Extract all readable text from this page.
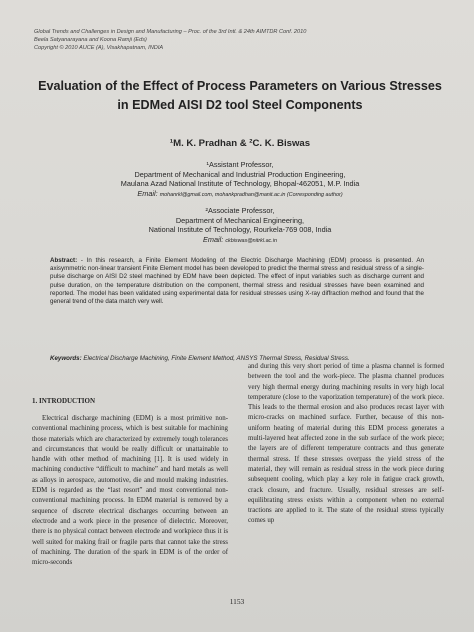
Global Trends and Challenges in Design and Manufacturing – Proc. of the 3rd Intl. & 24th AIMTDR Conf. 2010
Beela Satyanarayana and Koona Ramji (Eds)
Copyright © 2010 AUCE (A), Visakhapatnam, INDIA
Evaluation of the Effect of Process Parameters on Various Stresses
in EDMed AISI D2 tool Steel Components
¹M. K. Pradhan & ²C. K. Biswas
¹Assistant Professor,
Department of Mechanical and Industrial Production Engineering,
Maulana Azad National Institute of Technology, Bhopal-462051, M.P. India
Email: mohanrkl@gmail.com, mohankpradhan@manit.ac.in (Corresponding author)
²Associate Professor,
Department of Mechanical Engineering,
National Institute of Technology, Rourkela-769 008, India
Email: ckbiswas@nitrkl.ac.in
Abstract: - In this research, a Finite Element Modeling of the Electric Discharge Machining (EDM) process is presented. An axisymmetric non-linear transient Finite Element model has been developed to predict the thermal stress and residual stress of a single-pulse discharge on AISI D2 steel machined by EDM have been depicted. The effect of input variables such as discharge current and pulse duration, on the temperature distribution on the component, thermal stress and residual stresses have been examined and reported. The model has been validated using experimental data for residual stresses using X-ray diffraction method and found that the general trend of the data match very well.
Keywords: Electrical Discharge Machining, Finite Element Method, ANSYS Thermal Stress, Residual Stress.
1. INTRODUCTION
Electrical discharge machining (EDM) is a most primitive non-conventional machining process, which is best suitable for machining those materials which are characterized by extremely tough tolerances and circumstances that would be really difficult or unattainable to handle with other method of machining [1]. It is used widely in machining conductive “difficult to machine” and hard metals as well as alloys in aerospace, automotive, die and mould making industries. EDM is regarded as the “last resort” and most conventional non-conventional machining process. In EDM material is removed by a sequence of discrete electrical discharges occurring between an electrode and a work piece in the presence of dielectric. Moreover, there is no physical contact between electrode and workpiece thus it is well suited for making frail or fragile parts that cannot take the stress of machining. The duration of the spark in EDM is of the order of micro-seconds
and during this very short period of time a plasma channel is formed between the tool and the work-piece. The plasma channel produces very high thermal energy during machining results in very high local temperature (close to the vaporization temperature) of the work piece. This leads to the thermal erosion and also produces recast layer with micro-cracks on machined surface. Further, because of this non-uniform heating of material during this EDM process generates a multi-layered heat affected zone in the sub surface of the work piece; the layers are of different temperature contracts and thus generate thermal stress. If these stresses overpass the yield stress of the material, they will remain as residual stress in the work piece during subsequent cooling, which play a key role in fatigue crack growth, crack closure, and fracture. Usually, residual stresses are self-equilibrating stress exists within a component when no external tractions are applied to it. The state of the residual stress typically comes up
1153
